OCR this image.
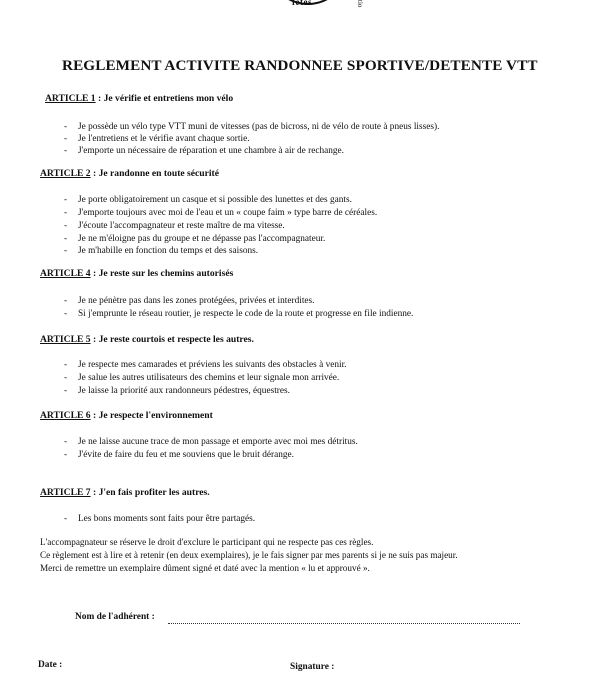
fêtes	tio
REGLEMENT ACTIVITE RANDONNEE SPORTIVE/DETENTE VTT
ARTICLE 1 : Je vérifie et entretiens mon vélo
- Je possède un vélo type VTT muni de vitesses (pas de bicross, ni de vélo de route à pneus lisses).
- Je l'entretiens et le vérifie avant chaque sortie.
- J'emporte un nécessaire de réparation et une chambre à air de rechange.
ARTICLE 2 : Je randonne en toute sécurité
- Je porte obligatoirement un casque et si possible des lunettes et des gants.
- J'emporte toujours avec moi de l'eau et un « coupe faim » type barre de céréales.
- J'écoute l'accompagnateur et reste maître de ma vitesse.
- Je ne m'éloigne pas du groupe et ne dépasse pas l'accompagnateur.
- Je m'habille en fonction du temps et des saisons.
ARTICLE 4 : Je reste sur les chemins autorisés
- Je ne pénètre pas dans les zones protégées, privées et interdites.
- Si j'emprunte le réseau routier, je respecte le code de la route et progresse en file indienne.
ARTICLE 5 : Je reste courtois et respecte les autres.
- Je respecte mes camarades et préviens les suivants des obstacles à venir.
- Je salue les autres utilisateurs des chemins et leur signale mon arrivée.
- Je laisse la priorité aux randonneurs pédestres, équestres.
ARTICLE 6 : Je respecte l'environnement
- Je ne laisse aucune trace de mon passage et emporte avec moi mes détritus.
- J'évite de faire du feu et me souviens que le bruit dérange.
ARTICLE 7 : J'en fais profiter les autres.
- Les bons moments sont faits pour être partagés.
L'accompagnateur se réserve le droit d'exclure le participant qui ne respecte pas ces règles.
Ce règlement est à lire et à retenir (en deux exemplaires), je le fais signer par mes parents si je ne suis pas majeur.
Merci de remettre un exemplaire dûment signé et daté avec la mention « lu et approuvé ».
Nom de l'adhérent :
Date :	Signature :
